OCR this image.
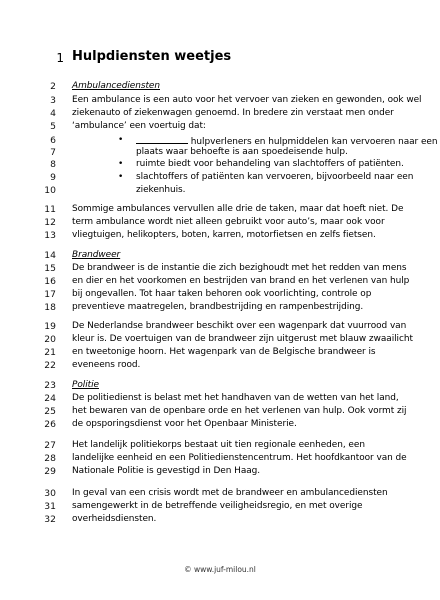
1 Hulpdiensten weetjes
2 Ambulancediensten
3 Een ambulance is een auto voor het vervoer van zieken en gewonden, ook wel
4 ziekenauto of ziekenwagen genoemd. In bredere zin verstaat men onder
5 ‘ambulance’ een voertuig dat:
6	•	hulpverleners en hulpmiddelen kan vervoeren naar een
7	plaats waar behoefte is aan spoedeisende hulp.
8	• ruimte biedt voor behandeling van slachtoffers of patiënten.
9	• slachtoffers of patiënten kan vervoeren, bijvoorbeeld naar een
10	ziekenhuis.
11 Sommige ambulances vervullen alle drie de taken, maar dat hoeft niet. De
12 term ambulance wordt niet alleen gebruikt voor auto’s, maar ook voor
13 vliegtuigen, helikopters, boten, karren, motorfietsen en zelfs fietsen.
14 Brandweer
15 De brandweer is de instantie die zich bezighoudt met het redden van mens
16 en dier en het voorkomen en bestrijden van brand en het verlenen van hulp
17 bij ongevallen. Tot haar taken behoren ook voorlichting, controle op
18 preventieve maatregelen, brandbestrijding en rampenbestrijding.
19 De Nederlandse brandweer beschikt over een wagenpark dat vuurrood van
20 kleur is. De voertuigen van de brandweer zijn uitgerust met blauw zwaailicht
21 en tweetonige hoorn. Het wagenpark van de Belgische brandweer is
22 eveneens rood.
23 Politie
24 De politiedienst is belast met het handhaven van de wetten van het land,
25 het bewaren van de openbare orde en het verlenen van hulp. Ook vormt zij
26 de opsporingsdienst voor het Openbaar Ministerie.
27 Het landelijk politiekorps bestaat uit tien regionale eenheden, een
28 landelijke eenheid en een Politiedienstencentrum. Het hoofdkantoor van de
29 Nationale Politie is gevestigd in Den Haag.
30 In geval van een crisis wordt met de brandweer en ambulancediensten
31 samengewerkt in de betreffende veiligheidsregio, en met overige
32 overheidsdiensten.
© www.juf-milou.nl
